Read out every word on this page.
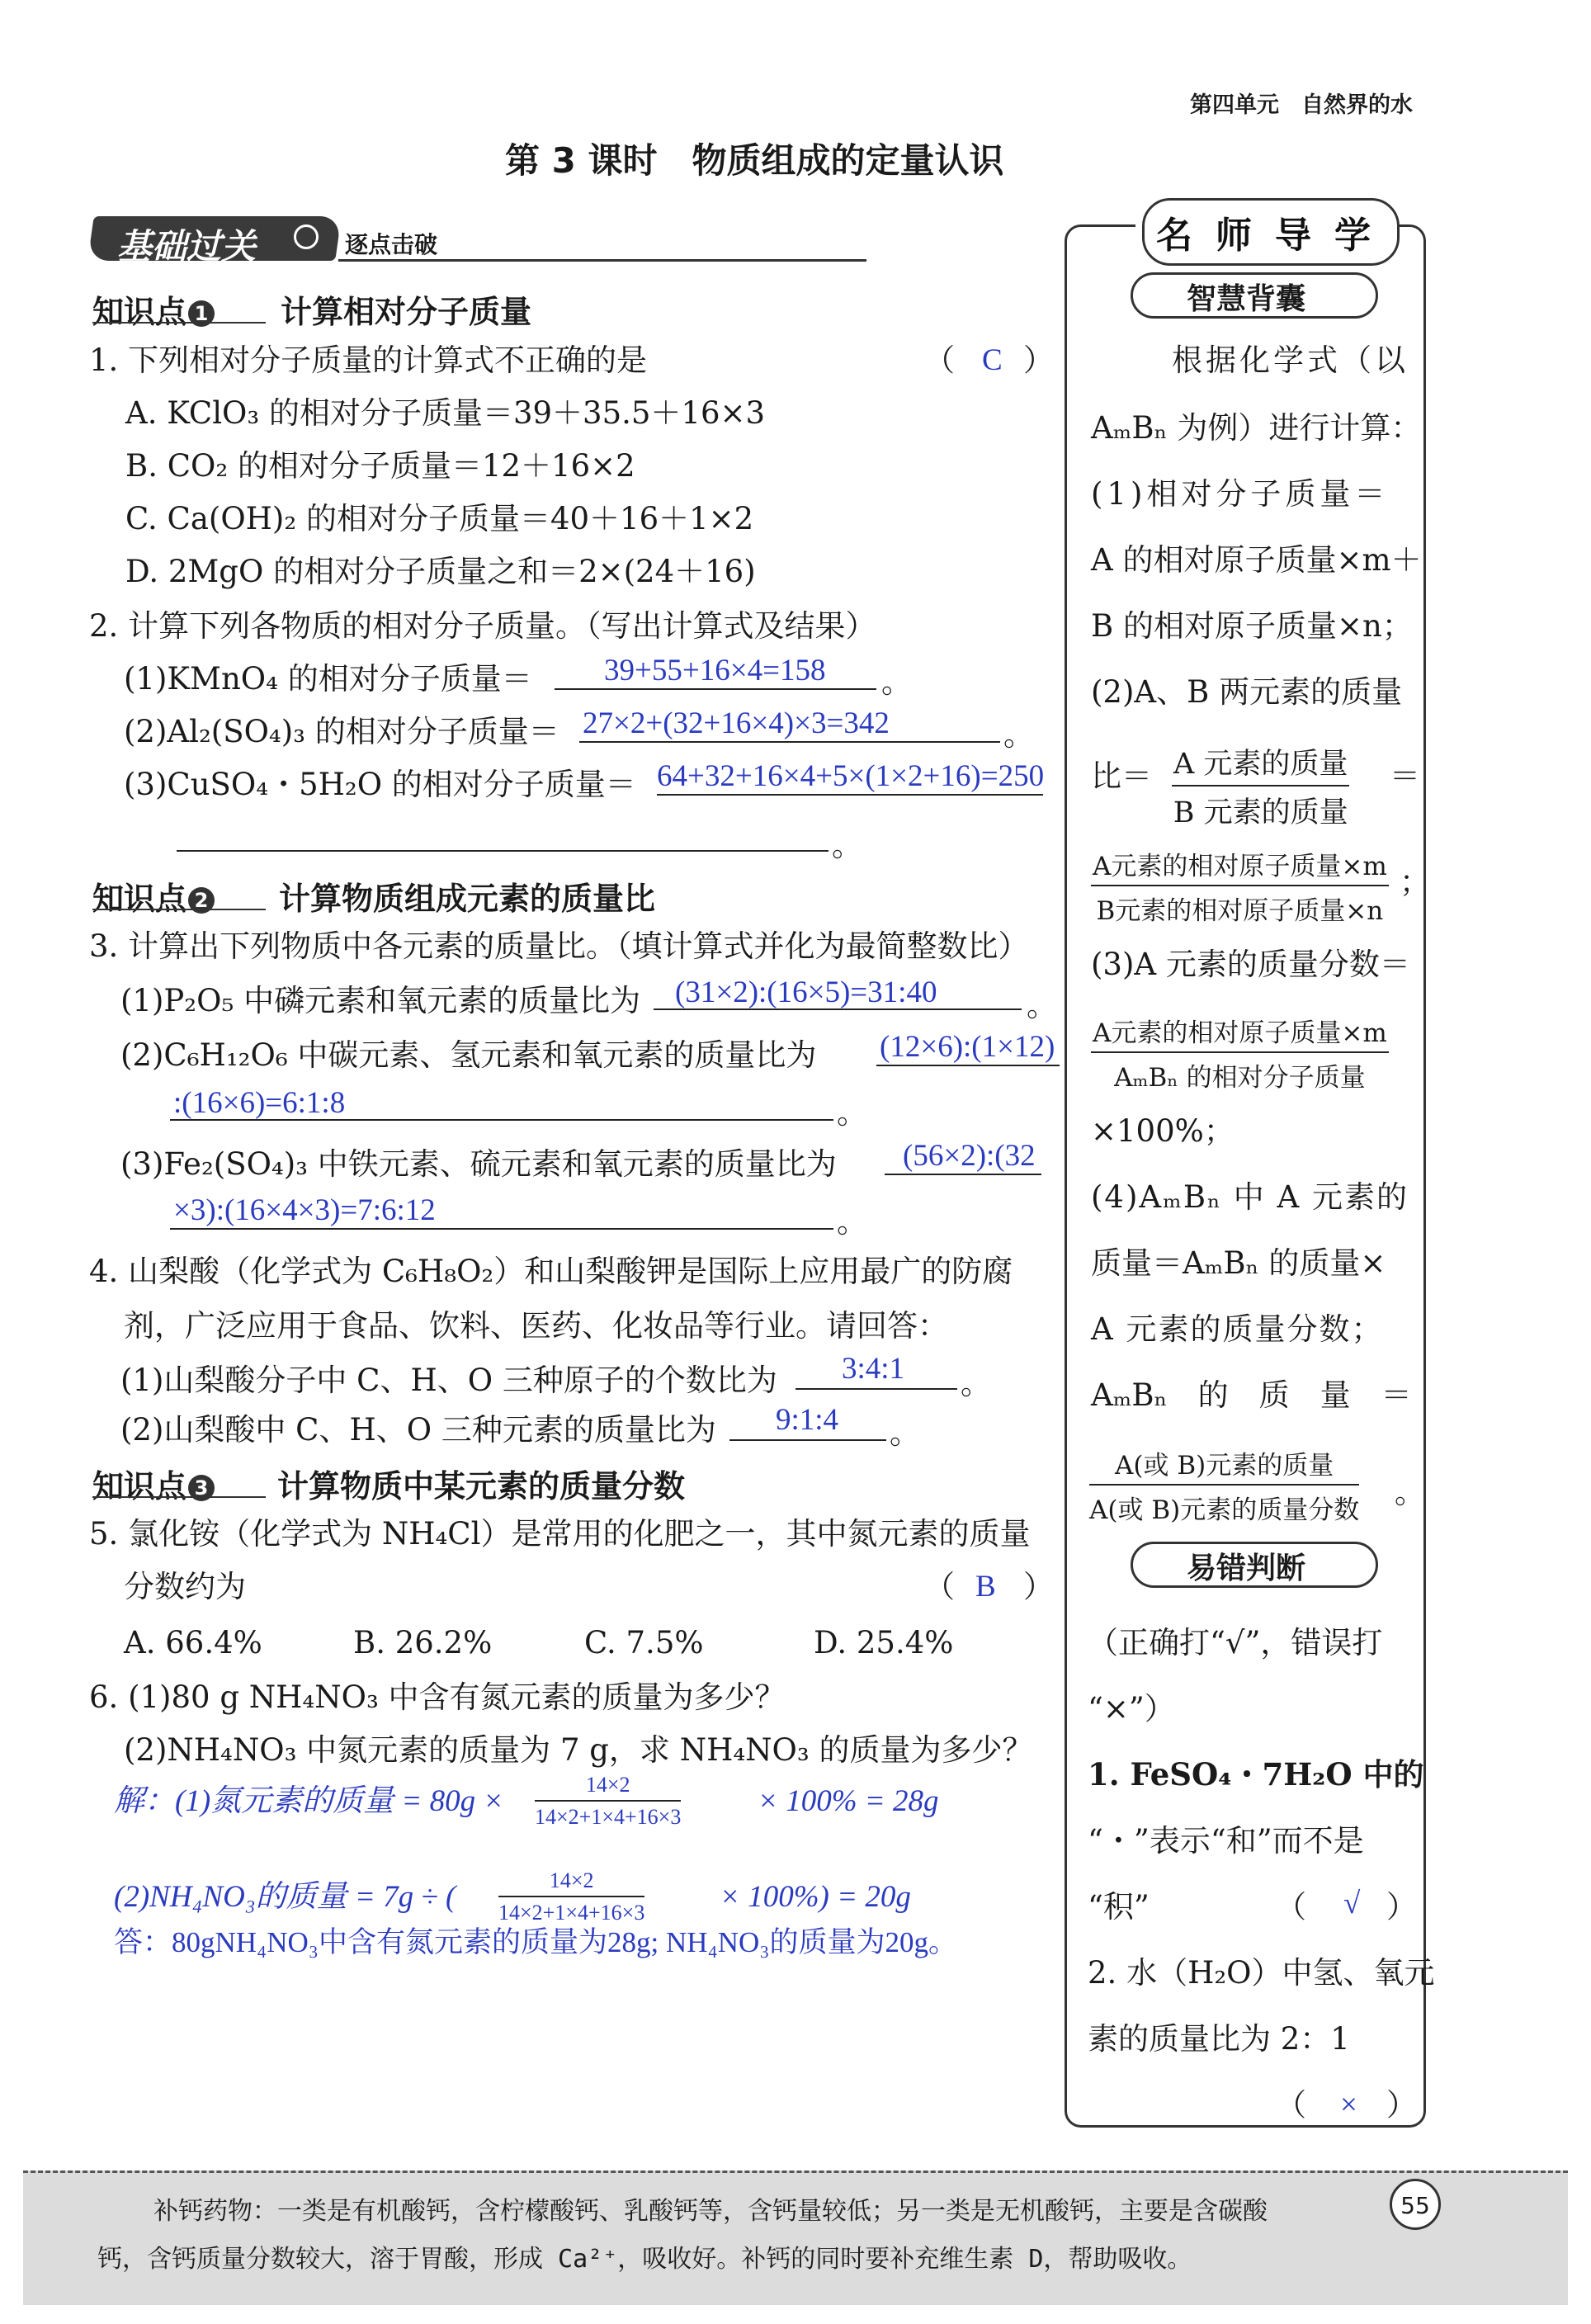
第四单元　自然界的水
第 3 课时　物质组成的定量认识
基础过关	逐点击破
知识点 1 计算相对分子质量
1. 下列相对分子质量的计算式不正确的是	（ C ）
A. KClO₃ 的相对分子质量＝39＋35.5＋16×3
B. CO₂ 的相对分子质量＝12＋16×2
C. Ca(OH)₂ 的相对分子质量＝40＋16＋1×2
D. 2MgO 的相对分子质量之和＝2×(24＋16)
2. 计算下列各物质的相对分子质量。（写出计算式及结果）
(1)KMnO₄ 的相对分子质量＝ 39+55+16×4=158 。
(2)Al₂(SO₄)₃ 的相对分子质量＝ 27×2+(32+16×4)×3=342	。
(3)CuSO₄・5H₂O 的相对分子质量＝ 64+32+16×4+5×(1×2+16)=250
。
知识点 2 计算物质组成元素的质量比
3. 计算出下列物质中各元素的质量比。（填计算式并化为最简整数比）
(1)P₂O₅ 中磷元素和氧元素的质量比为 (31×2):(16×5)=31:40	。
(2)C₆H₁₂O₆ 中碳元素、氢元素和氧元素的质量比为 (12×6):(1×12)
:(16×6)=6:1:8	。
(3)Fe₂(SO₄)₃ 中铁元素、硫元素和氧元素的质量比为 (56×2):(32
×3):(16×4×3)=7:6:12	。
4. 山梨酸（化学式为 C₆H₈O₂）和山梨酸钾是国际上应用最广的防腐
剂，广泛应用于食品、饮料、医药、化妆品等行业。请回答：
(1)山梨酸分子中 C、H、O 三种原子的个数比为 3:4:1 。
(2)山梨酸中 C、H、O 三种元素的质量比为 9:1:4 。
知识点 3 计算物质中某元素的质量分数
5. 氯化铵（化学式为 NH₄Cl）是常用的化肥之一，其中氮元素的质量
分数约为	（ B ）
A. 66.4%	B. 26.2%	C. 7.5%	D. 25.4%
6. (1)80 g NH₄NO₃ 中含有氮元素的质量为多少？
(2)NH₄NO₃ 中氮元素的质量为 7 g，求 NH₄NO₃ 的质量为多少？
解：(1)氮元素的质量 = $80g \times \frac{14\times 2}{14\times 2+1\times 4+16\times 3}$	× 100% = 28g
(2)NH₄NO₃的质量 = 7g ÷ ( $\frac{14\times 2}{14\times 2+1\times 4+16\times 3} \times 100\%) = 20g$
答：80gNH₄NO₃中含有氮元素的质量为28g; NH₄NO₃的质量为20g。
名师导学
智慧背囊
根据化学式（以
AₘBₙ 为例）进行计算：
(1)相对分子质量＝
A 的相对原子质量×m＋
B 的相对原子质量×n；
(2)A、B 两元素的质量
比＝ A 元素的质量
B 元素的质量
＝
A元素的相对原子质量×m
B元素的相对原子质量×n
；
(3)A 元素的质量分数＝
A元素的相对原子质量×m
AₘBₙ 的相对分子质量
×100%；
(4)AₘBₙ 中 A 元素的
质量＝AₘBₙ 的质量×
A 元素的质量分数；
AₘBₙ　的　质　量　＝
A(或 B)元素的质量
A(或 B)元素的质量分数 。
易错判断
（正确打“√”，错误打
“×”）
1. FeSO₄・7H₂O 中的
“・”表示“和”而不是
“积”	（ √ ）
2. 水（H₂O）中氢、氧元
素的质量比为 2：1
（ × ）
补钙药物：一类是有机酸钙，含柠檬酸钙、乳酸钙等，含钙量较低；另一类是无机酸钙，主要是含碳酸
钙，含钙质量分数较大，溶于胃酸，形成 Ca²⁺，吸收好。补钙的同时要补充维生素 D，帮助吸收。
55
